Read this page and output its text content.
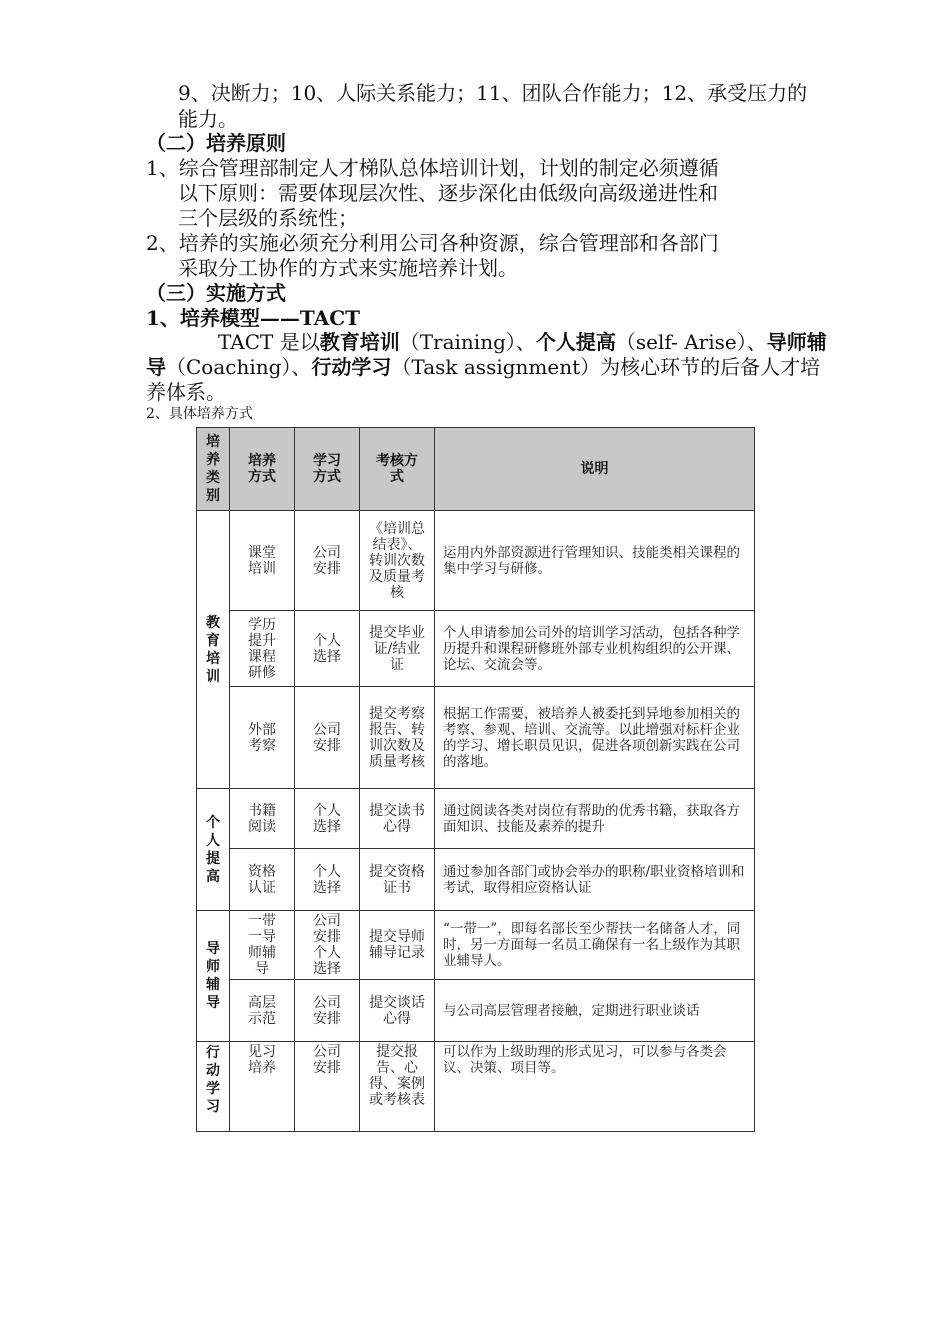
9、决断力；10、人际关系能力；11、团队合作能力；12、承受压力的
能力。
（二）培养原则
1、综合管理部制定人才梯队总体培训计划，计划的制定必须遵循
以下原则：需要体现层次性、逐步深化由低级向高级递进性和
三个层级的系统性；
2、培养的实施必须充分利用公司各种资源，综合管理部和各部门
采取分工协作的方式来实施培养计划。
（三）实施方式
1、培养模型——TACT
TACT 是以教育培训（Training）、个人提高（self- Arise）、导师辅
导（Coaching）、行动学习（Task assignment）为核心环节的后备人才培
养体系。
2、具体培养方式
培养类别	培养方式	学习方式	考核方式	说明
教育培训	课堂培训	公司安排	《培训总结表》、转训次数及质量考核	运用内外部资源进行管理知识、技能类相关课程的集中学习与研修。
	学历提升课程研修	个人选择	提交毕业证/结业证	个人申请参加公司外的培训学习活动，包括各种学历提升和课程研修班外部专业机构组织的公开课、论坛、交流会等。
	外部考察	公司安排	提交考察报告、转训次数及质量考核	根据工作需要，被培养人被委托到异地参加相关的考察、参观、培训、交流等。以此增强对标杆企业的学习、增长职员见识，促进各项创新实践在公司的落地。
个人提高	书籍阅读	个人选择	提交读书心得	通过阅读各类对岗位有帮助的优秀书籍，获取各方面知识、技能及素养的提升
	资格认证	个人选择	提交资格证书	通过参加各部门或协会举办的职称/职业资格培训和考试，取得相应资格认证
导师辅导	一带一导师辅导	公司安排个人选择	提交导师辅导记录	“一带一”，即每名部长至少帮扶一名储备人才，同时，另一方面每一名员工确保有一名上级作为其职业辅导人。
	高层示范	公司安排	提交谈话心得	与公司高层管理者接触，定期进行职业谈话
行动学习	见习培养	公司安排	提交报告、心得、案例或考核表	可以作为上级助理的形式见习，可以参与各类会议、决策、项目等。
